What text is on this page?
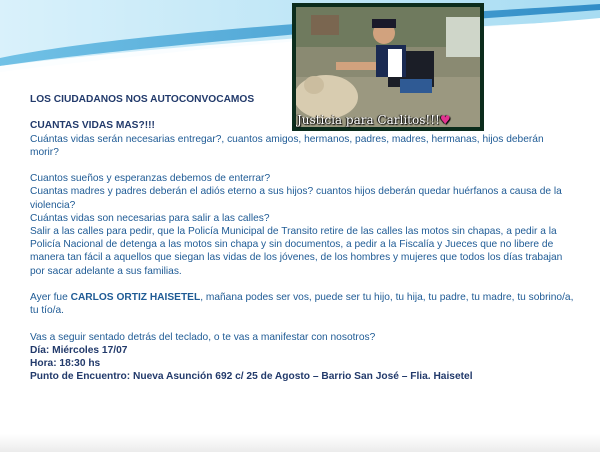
Justicia para Carlitos!!!♥

LOS CIUDADANOS NOS AUTOCONVOCAMOS

CUANTAS VIDAS MAS?!!!
Cuántas vidas serán necesarias entregar?, cuantos amigos, hermanos, padres, madres, hermanas, hijos deberán morir?

Cuantos sueños y esperanzas debemos de enterrar?
Cuantas madres y padres deberán el adiós eterno a sus hijos? cuantos hijos deberán quedar huérfanos a causa de la violencia?
Cuántas vidas son necesarias para salir a las calles?
Salir a las calles para pedir, que la Policía Municipal de Transito retire de las calles las motos sin chapas, a pedir a la Policía Nacional de detenga a las motos sin chapa y sin documentos, a pedir a la Fiscalía y Jueces que no libere de manera tan fácil a aquellos que siegan las vidas de los jóvenes, de los hombres y mujeres que todos los días trabajan por sacar adelante a sus familias.

Ayer fue CARLOS ORTIZ HAISETEL, mañana podes ser vos, puede ser tu hijo, tu hija, tu padre, tu madre, tu sobrino/a, tu tío/a.

Vas a seguir sentado detrás del teclado, o te vas a manifestar con nosotros?
Día: Miércoles 17/07
Hora: 18:30 hs
Punto de Encuentro: Nueva Asunción 692 c/ 25 de Agosto – Barrio San José – Flia. Haisetel
